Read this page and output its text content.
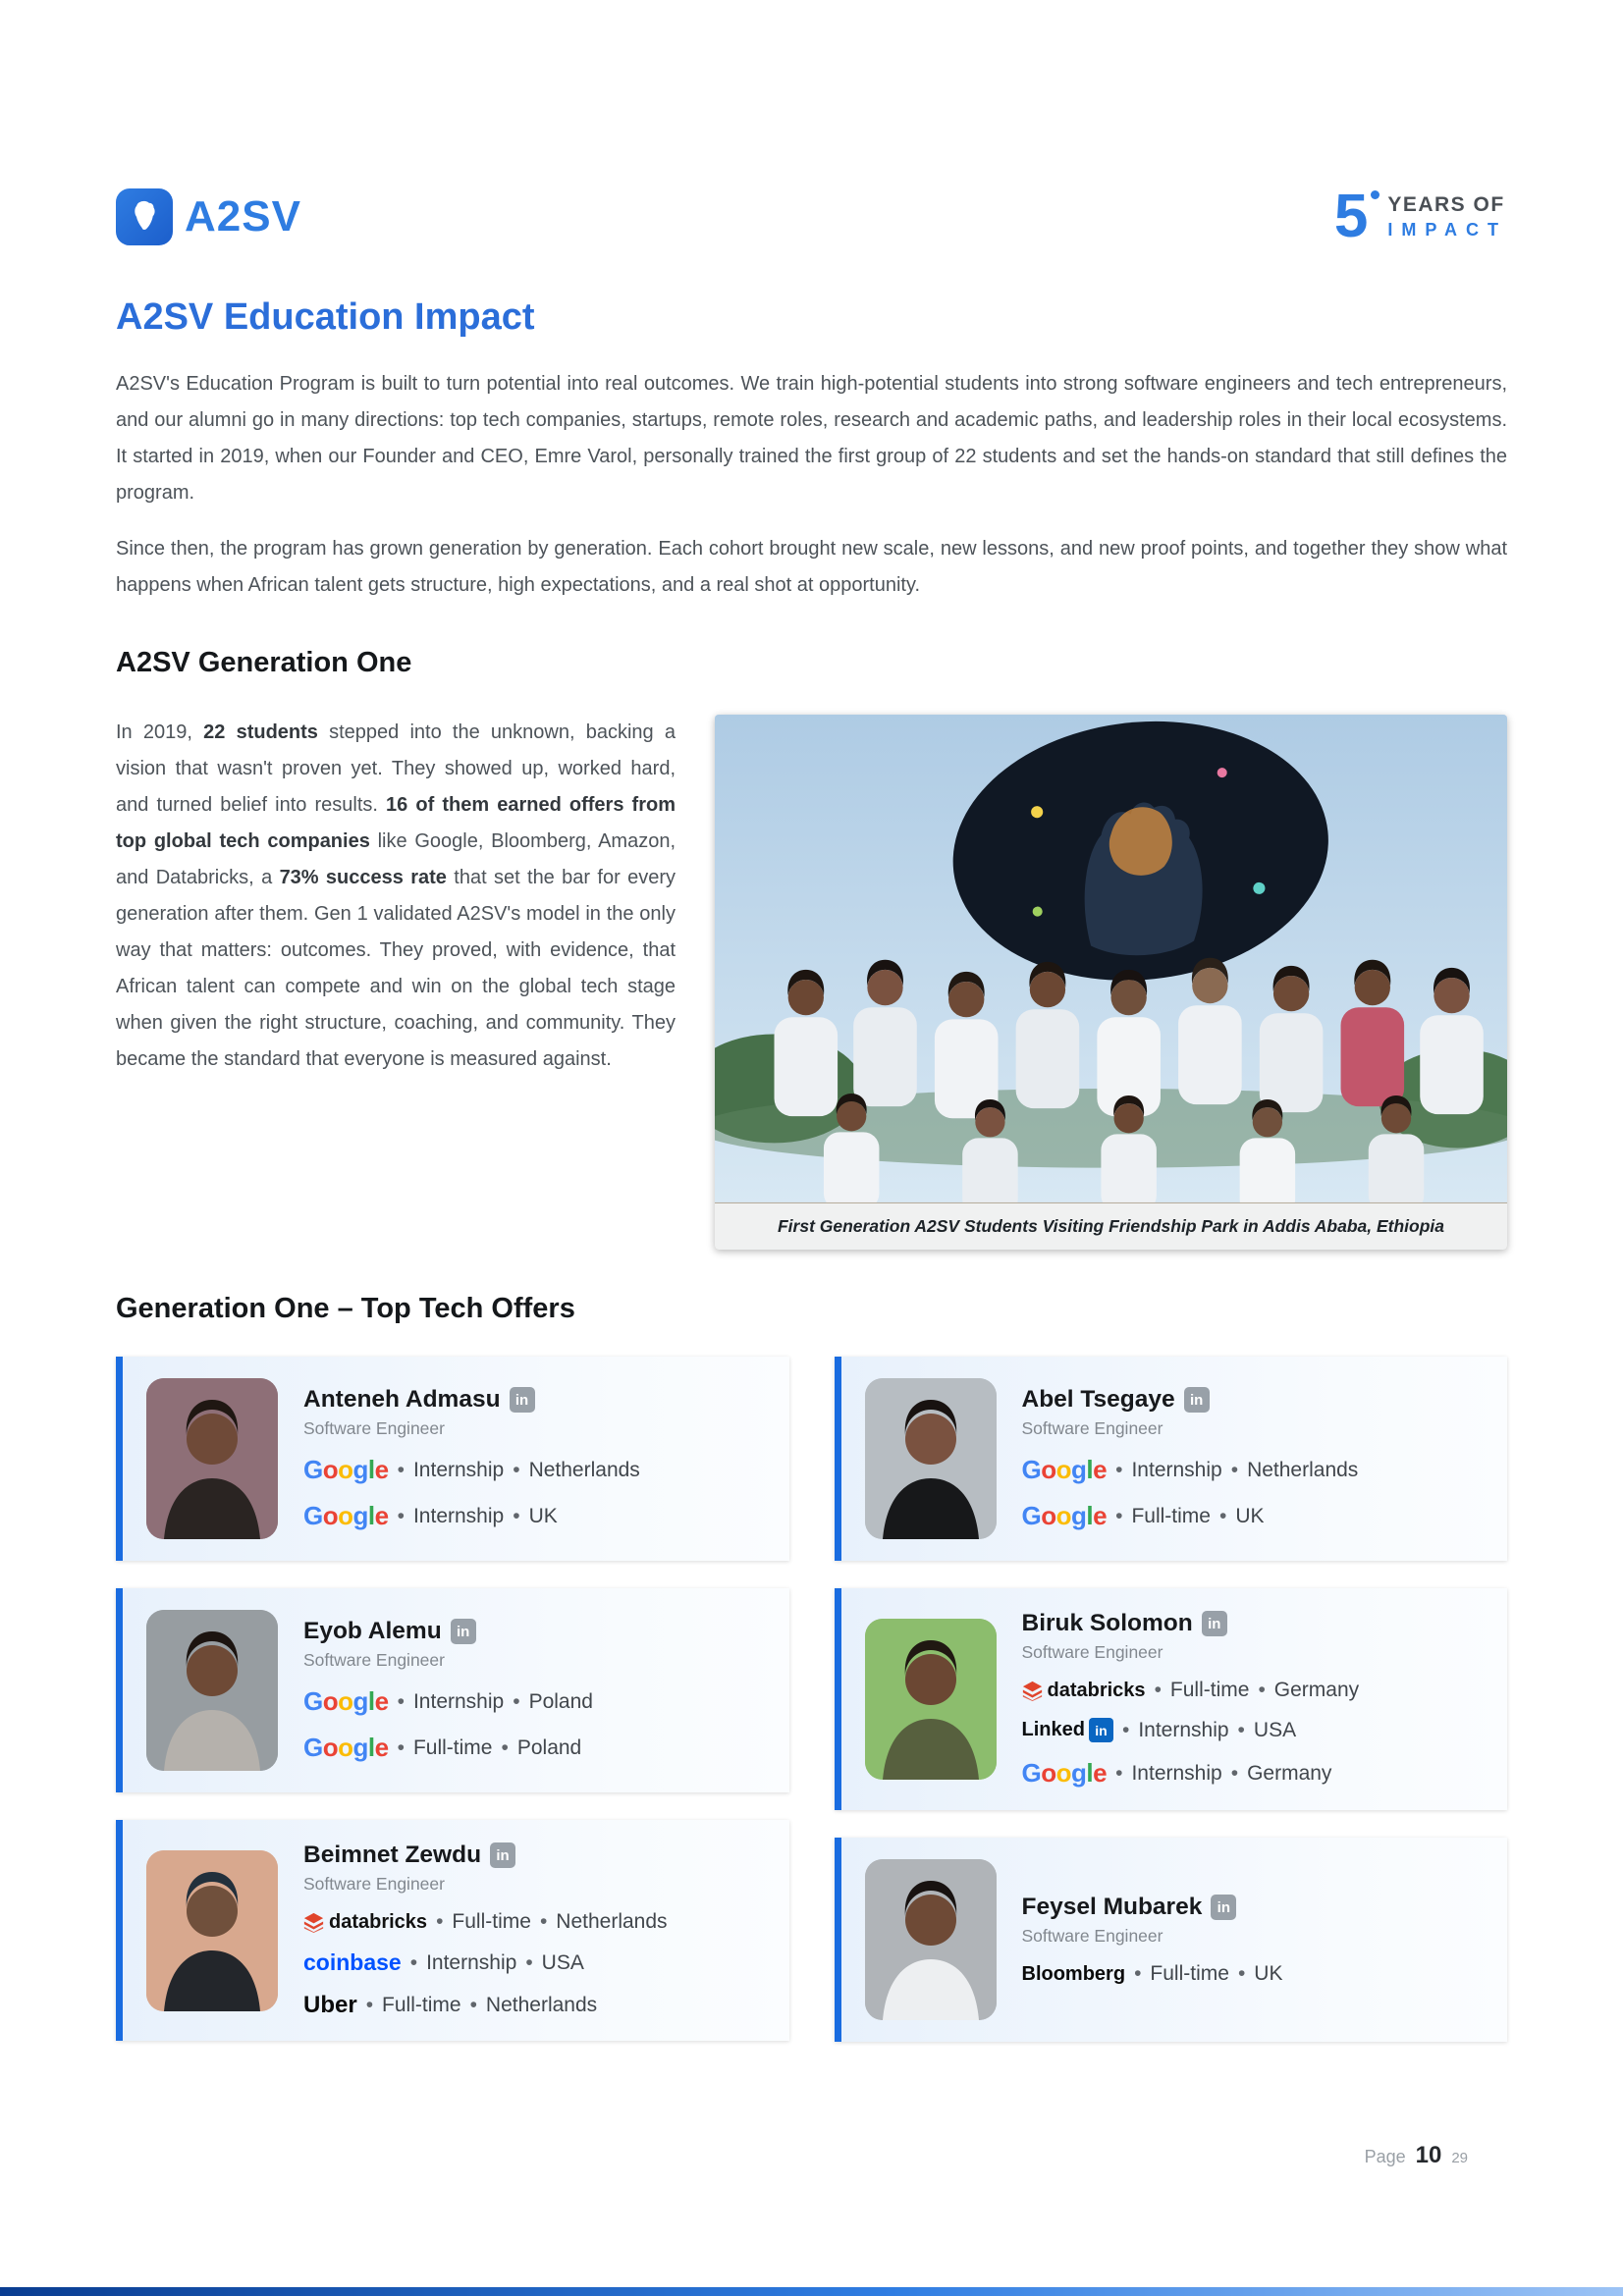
A2SV	5 YEARS OF
IMPACT
A2SV Education Impact

A2SV's Education Program is built to turn potential into real outcomes. We train high-potential students into strong software engineers and tech entrepreneurs, and our alumni go in many directions: top tech companies, startups, remote roles, research and academic paths, and leadership roles in their local ecosystems. It started in 2019, when our Founder and CEO, Emre Varol, personally trained the first group of 22 students and set the hands-on standard that still defines the program.

Since then, the program has grown generation by generation. Each cohort brought new scale, new lessons, and new proof points, and together they show what happens when African talent gets structure, high expectations, and a real shot at opportunity.

A2SV Generation One
In 2019, 22 students stepped into the unknown, backing a vision that wasn't proven yet. They showed up, worked hard, and turned belief into results. 16 of them earned offers from top global tech companies like Google, Bloomberg, Amazon, and Databricks, a 73% success rate that set the bar for every generation after them. Gen 1 validated A2SV's model in the only way that matters: outcomes. They proved, with evidence, that African talent can compete and win on the global tech stage when given the right structure, coaching, and community. They became the standard that everyone is measured against.
First Generation A2SV Students Visiting Friendship Park in Addis Ababa, Ethiopia
Generation One – Top Tech Offers
Anteneh Admasu	in
Software Engineer
Google • Internship • Netherlands
Google • Internship • UK
Eyob Alemu	in
Software Engineer
Google • Internship • Poland
Google • Full-time • Poland
Beimnet Zewdu	in
Software Engineer
databricks • Full-time • Netherlands
coinbase • Internship • USA
Uber • Full-time • Netherlands
Abel Tsegaye	in
Software Engineer
Google • Internship • Netherlands
Google • Full-time • UK
Biruk Solomon	in
Software Engineer
databricks • Full-time • Germany
Linked in • Internship • USA
Google • Internship • Germany
Feysel Mubarek	in
Software Engineer
Bloomberg • Full-time • UK
Page 10 29
